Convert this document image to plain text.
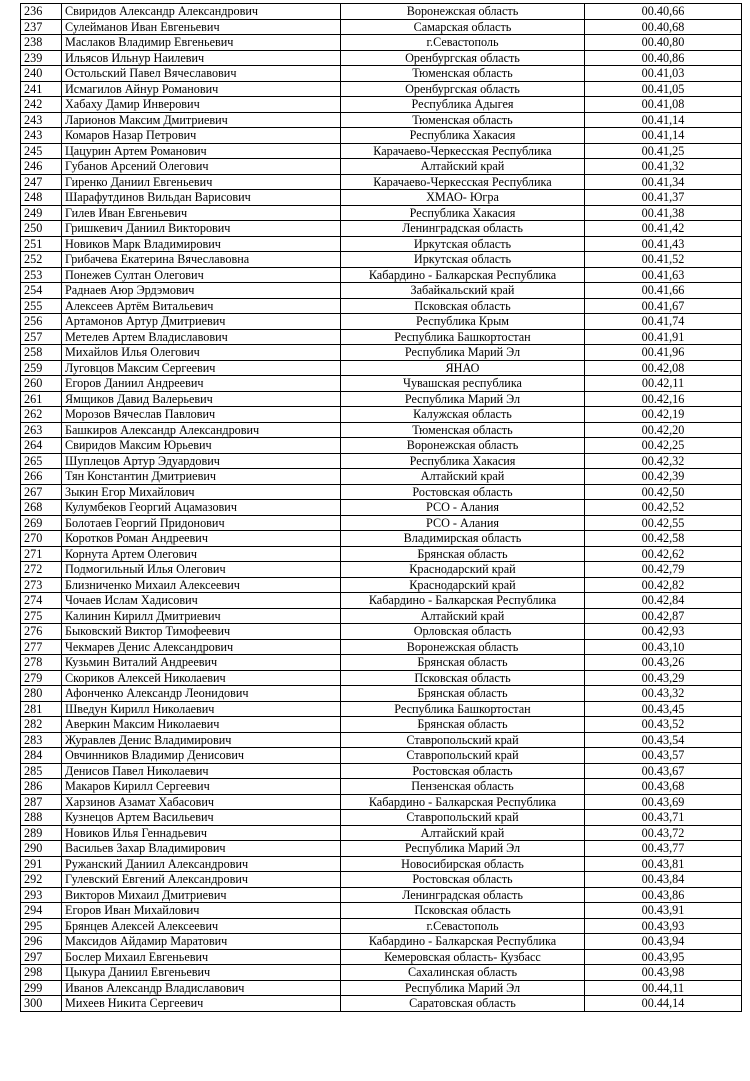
236	Свиридов Александр Александрович	Воронежская область	00.40,66
237	Сулейманов Иван Евгеньевич	Самарская область	00.40,68
238	Маслаков Владимир Евгеньевич	г.Севастополь	00.40,80
239	Ильясов Ильнур Наилевич	Оренбургская область	00.40,86
240	Остольский Павел Вячеславович	Тюменская область	00.41,03
241	Исмагилов Айнур Романович	Оренбургская область	00.41,05
242	Хабаху Дамир Инверович	Республика Адыгея	00.41,08
243	Ларионов Максим Дмитриевич	Тюменская область	00.41,14
243	Комаров Назар Петрович	Республика Хакасия	00.41,14
245	Цацурин Артем Романович	Карачаево-Черкесская Республика	00.41,25
246	Губанов Арсений Олегович	Алтайский край	00.41,32
247	Гиренко Даниил Евгеньевич	Карачаево-Черкесская Республика	00.41,34
248	Шарафутдинов Вильдан Варисович	ХМАО- Югра	00.41,37
249	Гилев Иван Евгеньевич	Республика Хакасия	00.41,38
250	Гришкевич Даниил Викторович	Ленинградская область	00.41,42
251	Новиков Марк Владимирович	Иркутская область	00.41,43
252	Грибачева Екатерина Вячеславовна	Иркутская область	00.41,52
253	Понежев Султан Олегович	Кабардино - Балкарская Республика	00.41,63
254	Раднаев Аюр Эрдэмович	Забайкальский край	00.41,66
255	Алексеев Артём Витальевич	Псковская область	00.41,67
256	Артамонов Артур Дмитриевич	Республика Крым	00.41,74
257	Метелев Артем Владиславович	Республика Башкортостан	00.41,91
258	Михайлов Илья Олегович	Республика Марий Эл	00.41,96
259	Луговцов Максим Сергеевич	ЯНАО	00.42,08
260	Егоров Даниил Андреевич	Чувашская республика	00.42,11
261	Ямщиков Давид Валерьевич	Республика Марий Эл	00.42,16
262	Морозов Вячеслав Павлович	Калужская область	00.42,19
263	Башкиров Александр Александрович	Тюменская область	00.42,20
264	Свиридов Максим Юрьевич	Воронежская область	00.42,25
265	Шуплецов Артур Эдуардович	Республика Хакасия	00.42,32
266	Тян Константин Дмитриевич	Алтайский край	00.42,39
267	Зыкин Егор Михайлович	Ростовская область	00.42,50
268	Кулумбеков Георгий Ацамазович	РСО - Алания	00.42,52
269	Болотаев Георгий Придонович	РСО - Алания	00.42,55
270	Коротков Роман Андреевич	Владимирская область	00.42,58
271	Корнута Артем Олегович	Брянская область	00.42,62
272	Подмогильный Илья Олегович	Краснодарский край	00.42,79
273	Близниченко Михаил Алексеевич	Краснодарский край	00.42,82
274	Чочаев Ислам Хадисович	Кабардино - Балкарская Республика	00.42,84
275	Калинин Кирилл Дмитриевич	Алтайский край	00.42,87
276	Быковский Виктор Тимофеевич	Орловская область	00.42,93
277	Чекмарев Денис Александрович	Воронежская область	00.43,10
278	Кузьмин Виталий Андреевич	Брянская область	00.43,26
279	Скориков Алексей Николаевич	Псковская область	00.43,29
280	Афонченко Александр Леонидович	Брянская область	00.43,32
281	Шведун Кирилл Николаевич	Республика Башкортостан	00.43,45
282	Аверкин Максим Николаевич	Брянская область	00.43,52
283	Журавлев Денис Владимирович	Ставропольский край	00.43,54
284	Овчинников Владимир Денисович	Ставропольский край	00.43,57
285	Денисов Павел Николаевич	Ростовская область	00.43,67
286	Макаров Кирилл Сергеевич	Пензенская область	00.43,68
287	Харзинов Азамат Хабасович	Кабардино - Балкарская Республика	00.43,69
288	Кузнецов Артем Васильевич	Ставропольский край	00.43,71
289	Новиков Илья Геннадьевич	Алтайский край	00.43,72
290	Васильев Захар Владимирович	Республика Марий Эл	00.43,77
291	Ружанский Даниил Александрович	Новосибирская область	00.43,81
292	Гулевский Евгений Александрович	Ростовская область	00.43,84
293	Викторов Михаил Дмитриевич	Ленинградская область	00.43,86
294	Егоров Иван Михайлович	Псковская область	00.43,91
295	Брянцев Алексей Алексеевич	г.Севастополь	00.43,93
296	Максидов Айдамир Маратович	Кабардино - Балкарская Республика	00.43,94
297	Бослер Михаил Евгеньевич	Кемеровская область- Кузбасс	00.43,95
298	Цыкура Даниил Евгеньевич	Сахалинская область	00.43,98
299	Иванов Александр Владиславович	Республика Марий Эл	00.44,11
300	Михеев Никита Сергеевич	Саратовская область	00.44,14
